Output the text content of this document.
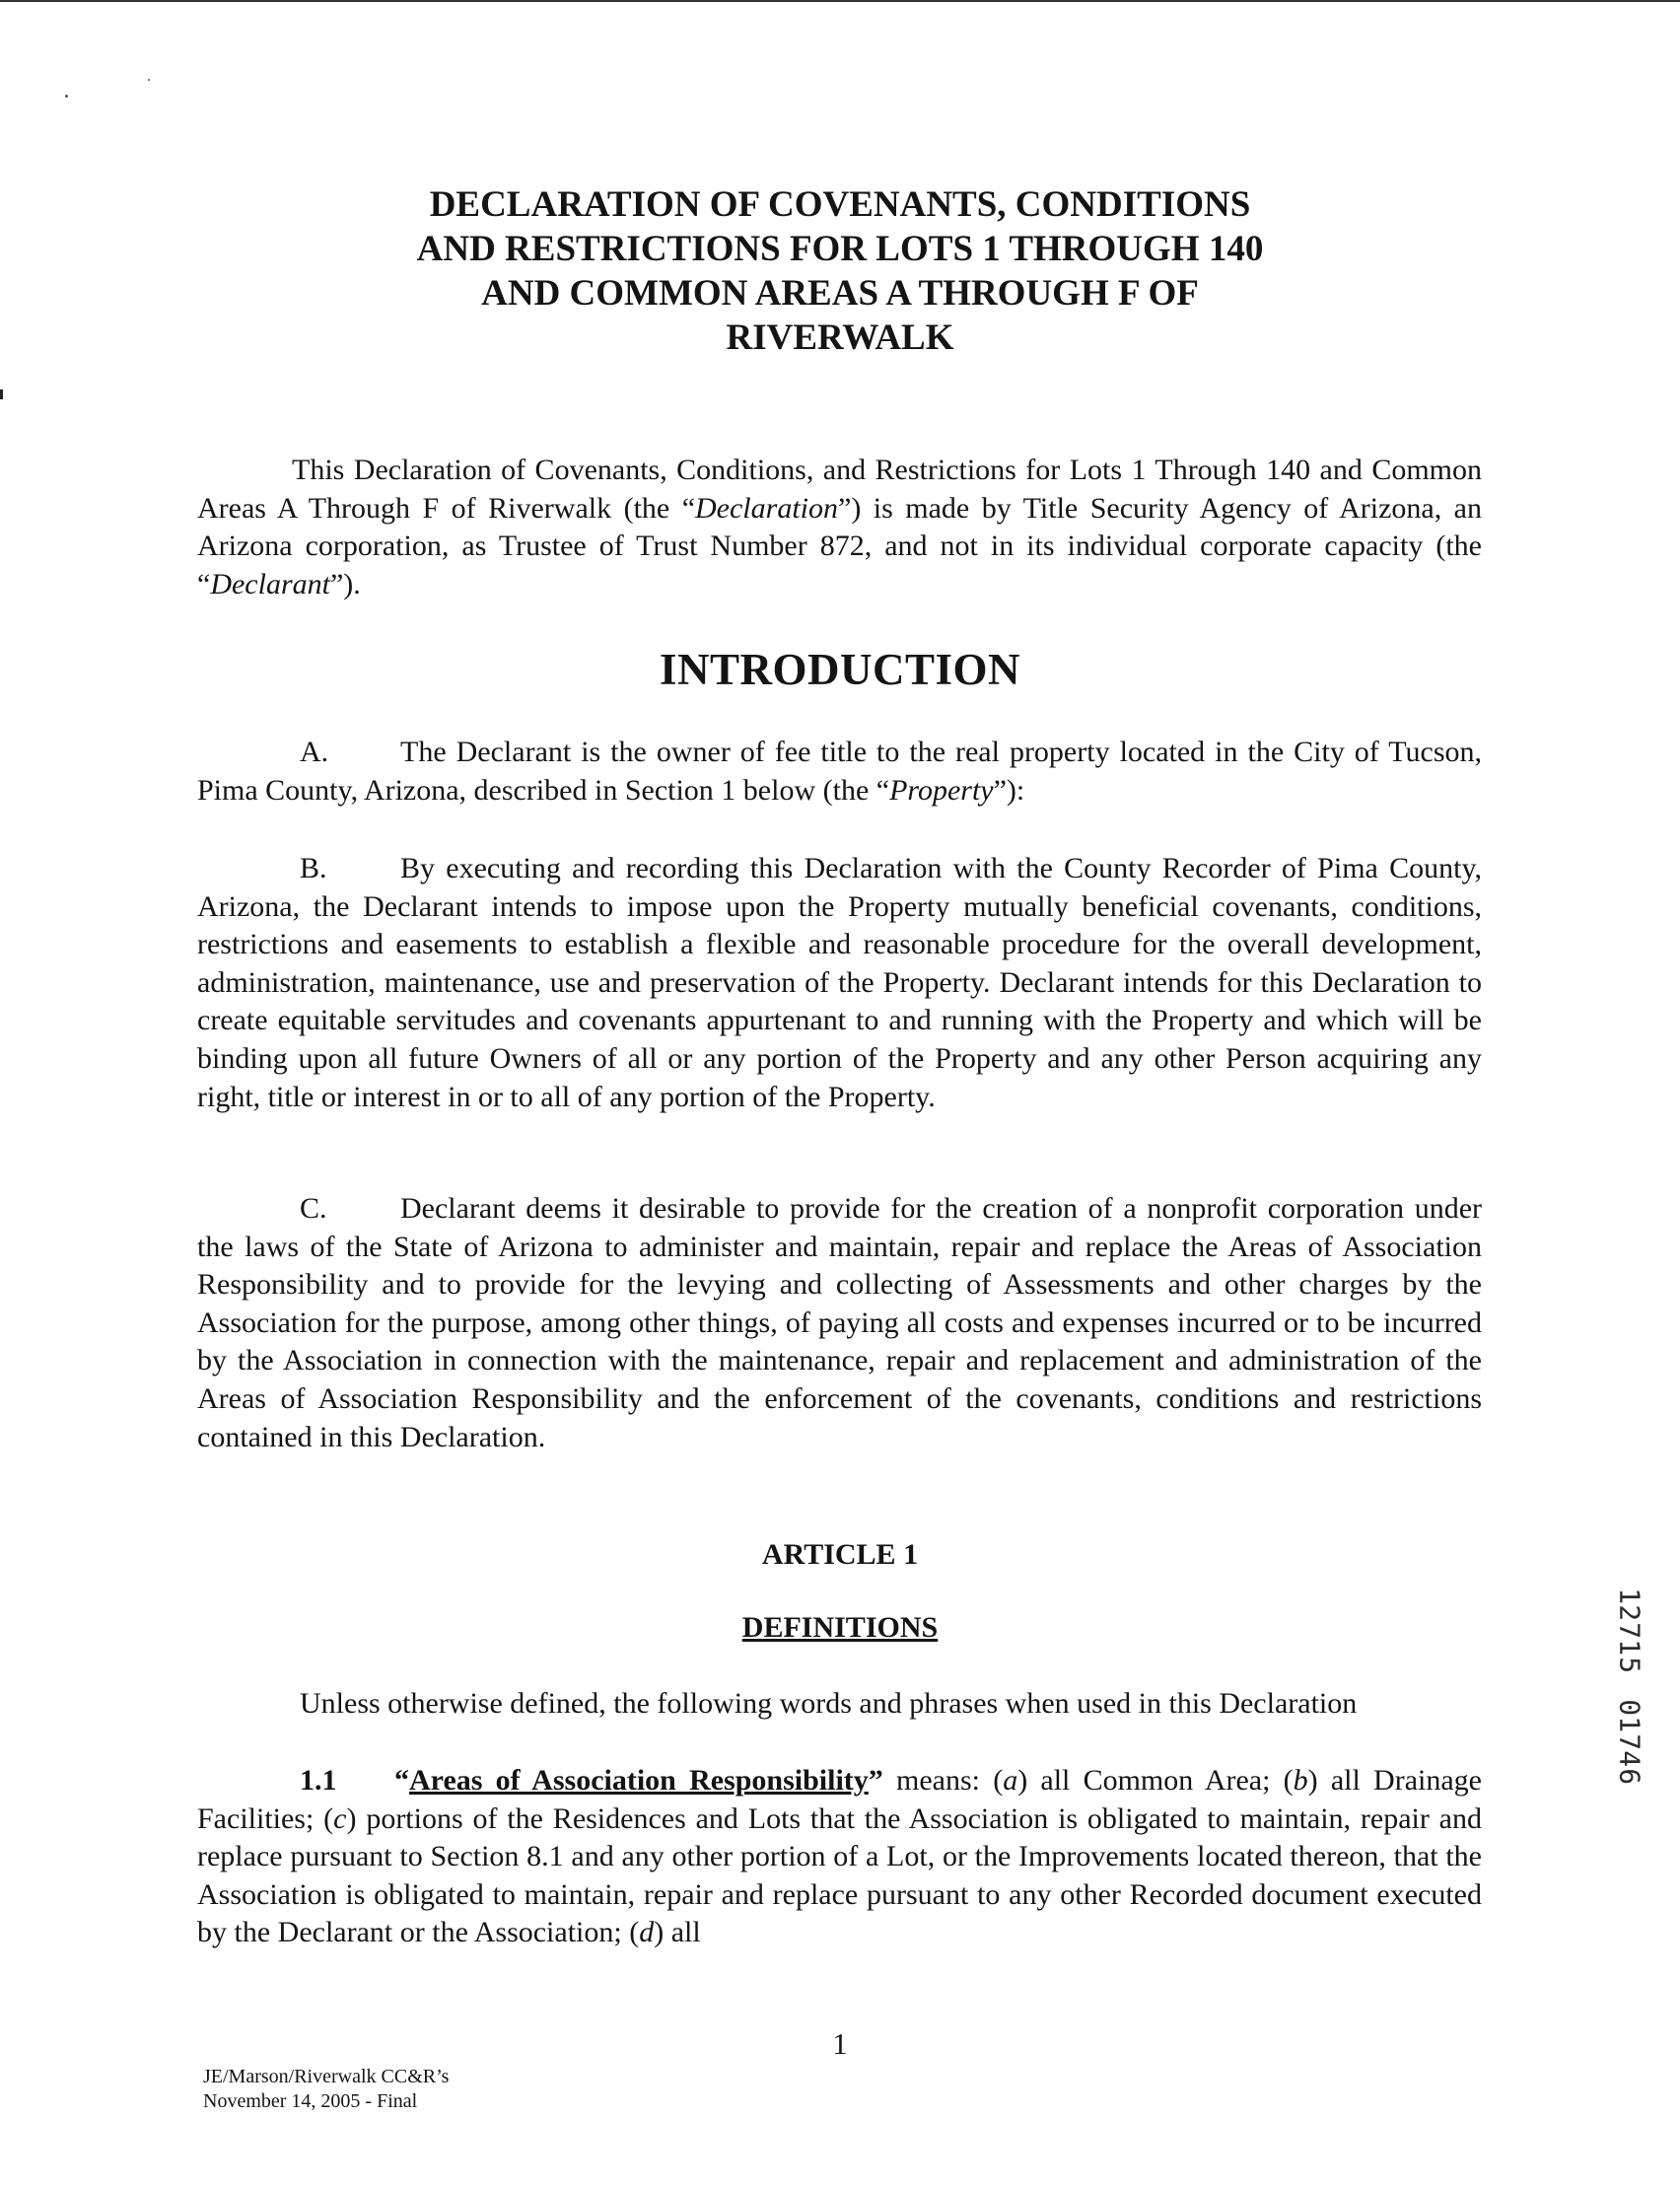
DECLARATION OF COVENANTS, CONDITIONS
AND RESTRICTIONS FOR LOTS 1 THROUGH 140
AND COMMON AREAS A THROUGH F OF
RIVERWALK

This Declaration of Covenants, Conditions, and Restrictions for Lots 1 Through 140 and Common Areas A Through F of Riverwalk (the “Declaration”) is made by Title Security Agency of Arizona, an Arizona corporation, as Trustee of Trust Number 872, and not in its individual corporate capacity (the “Declarant”).

INTRODUCTION

A. The Declarant is the owner of fee title to the real property located in the City of Tucson, Pima County, Arizona, described in Section 1 below (the “Property”):

B. By executing and recording this Declaration with the County Recorder of Pima County, Arizona, the Declarant intends to impose upon the Property mutually beneficial covenants, conditions, restrictions and easements to establish a flexible and reasonable procedure for the overall development, administration, maintenance, use and preservation of the Property. Declarant intends for this Declaration to create equitable servitudes and covenants appurtenant to and running with the Property and which will be binding upon all future Owners of all or any portion of the Property and any other Person acquiring any right, title or interest in or to all of any portion of the Property.

C. Declarant deems it desirable to provide for the creation of a nonprofit corporation under the laws of the State of Arizona to administer and maintain, repair and replace the Areas of Association Responsibility and to provide for the levying and collecting of Assessments and other charges by the Association for the purpose, among other things, of paying all costs and expenses incurred or to be incurred by the Association in connection with the maintenance, repair and replacement and administration of the Areas of Association Responsibility and the enforcement of the covenants, conditions and restrictions contained in this Declaration.

ARTICLE 1
DEFINITIONS

Unless otherwise defined, the following words and phrases when used in this Declaration

1.1 “Areas of Association Responsibility” means: (a) all Common Area; (b) all Drainage Facilities; (c) portions of the Residences and Lots that the Association is obligated to maintain, repair and replace pursuant to Section 8.1 and any other portion of a Lot, or the Improvements located thereon, that the Association is obligated to maintain, repair and replace pursuant to any other Recorded document executed by the Declarant or the Association; (d) all

1
2
7
1
5
0
1
7
4
6
1
JE/Marson/Riverwalk CC&R’s
November 14, 2005 - Final
